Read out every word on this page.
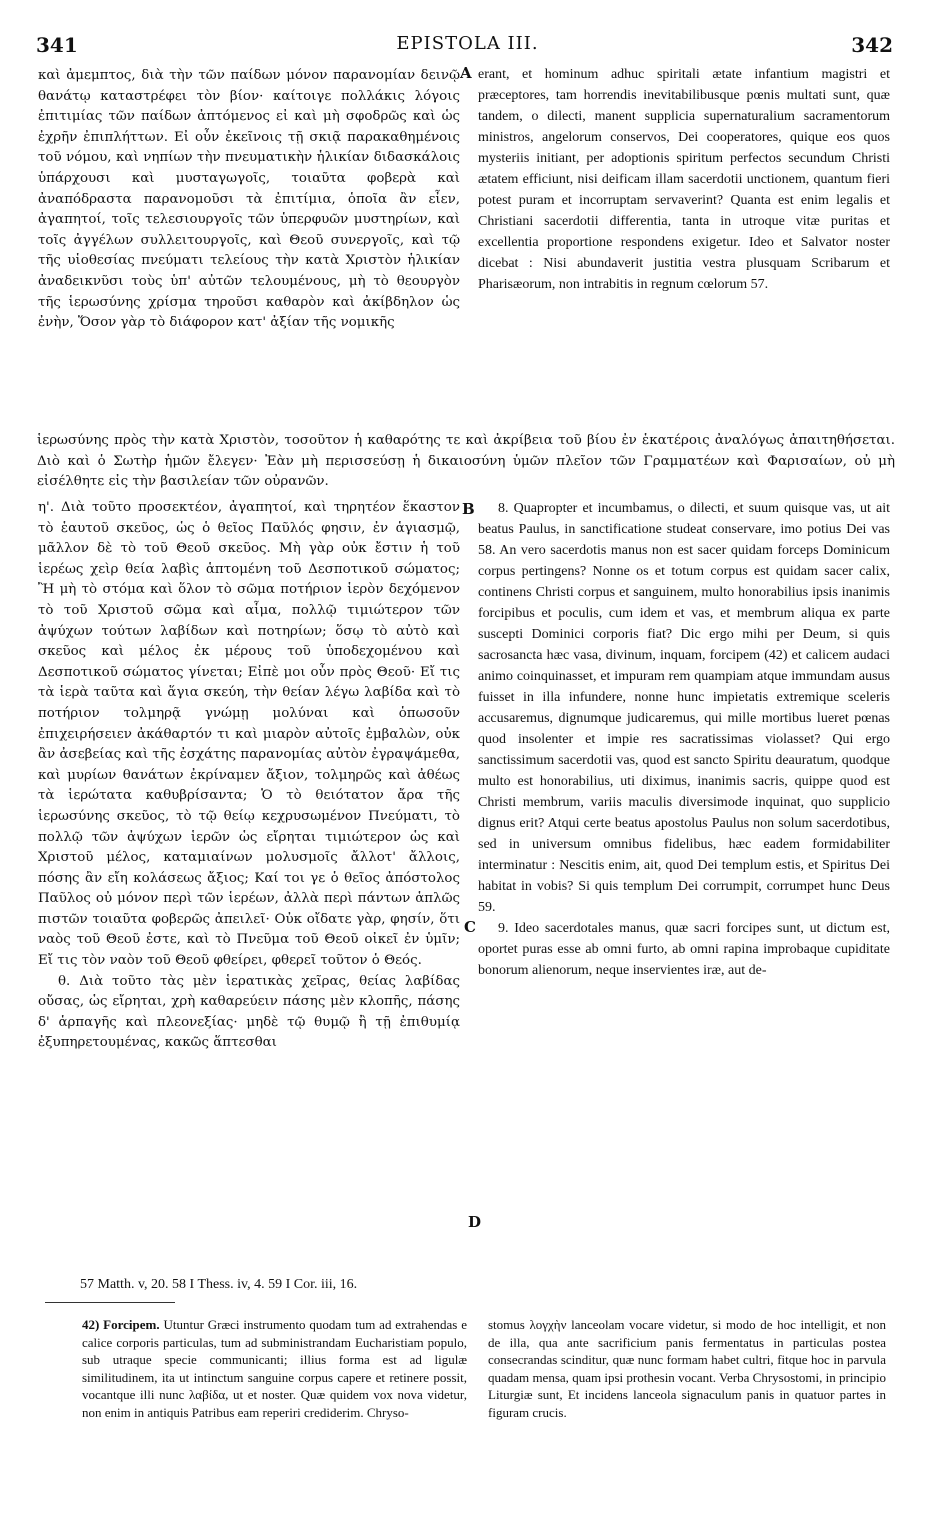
341	EPISTOLA III.	342

καὶ ἀμεμπτος, διὰ τὴν τῶν παίδων μόνον παρανομίαν δεινῷ θανάτῳ καταστρέφει τὸν βίον· καίτοιγε πολλάκις λόγοις ἐπιτιμίας τῶν παίδων ἀπτόμενος εἰ καὶ μὴ σφοδρῶς καὶ ὡς ἐχρῆν ἐπιπλήττων. Εἰ οὖν ἐκεῖνοις τῇ σκιᾷ παρακαθημένοις τοῦ νόμου, καὶ νηπίων τὴν πνευματικὴν ἡλικίαν διδασκάλοις ὑπάρχουσι καὶ μυσταγωγοῖς, τοιαῦτα φοβερὰ καὶ ἀναπόδραστα παρανομοῦσι τὰ ἐπιτίμια, ὁποῖα ἂν εἶεν, ἀγαπητοί, τοῖς τελεσιουργοῖς τῶν ὑπερφυῶν μυστηρίων, καὶ τοῖς ἀγγέλων συλλειτουργοῖς, καὶ Θεοῦ συνεργοῖς, καὶ τῷ τῆς υἱοθεσίας πνεύματι τελείους τὴν κατὰ Χριστὸν ἡλικίαν ἀναδεικνῦσι τοὺς ὑπ' αὐτῶν τελουμένους, μὴ τὸ θεουργὸν τῆς ἱερωσύνης χρίσμα τηροῦσι καθαρὸν καὶ ἀκίβδηλον ὡς ἐνὴν, Ὅσον γὰρ τὸ διάφορον κατ' ἀξίαν τῆς νομικῆς

erant, et hominum adhuc spiritali ætate infantium magistri et præceptores, tam horrendis inevitabilibusque pœnis multati sunt, quæ tandem, o dilecti, manent supplicia supernaturalium sacramentorum ministros, angelorum conservos, Dei cooperatores, quique eos quos mysteriis initiant, per adoptionis spiritum perfectos secundum Christi ætatem efficiunt, nisi deificam illam sacerdotii unctionem, quantum fieri potest puram et incorruptam servaverint? Quanta est enim legalis et Christiani sacerdotii differentia, tanta in utroque vitæ puritas et excellentia proportione respondens exigetur. Ideo et Salvator noster dicebat : Nisi abundaverit justitia vestra plusquam Scribarum et Pharisæorum, non intrabitis in regnum cœlorum 57.

A
ἱερωσύνης πρὸς τὴν κατὰ Χριστὸν, τοσοῦτον ἡ καθαρότης τε καὶ ἀκρίβεια τοῦ βίου ἐν ἑκατέροις ἀναλόγως ἀπαιτηθήσεται. Διὸ καὶ ὁ Σωτὴρ ἡμῶν ἔλεγεν· Ἐὰν μὴ περισσεύσῃ ἡ δικαιοσύνη ὑμῶν πλεῖον τῶν Γραμματέων καὶ Φαρισαίων, οὐ μὴ εἰσέλθητε εἰς τὴν βασιλείαν τῶν οὐρανῶν.

η'. Διὰ τοῦτο προσεκτέον, ἀγαπητοί, καὶ τηρητέον ἕκαστον τὸ ἑαυτοῦ σκεῦος, ὡς ὁ θεῖος Παῦλός φησιν, ἐν ἁγιασμῷ, μᾶλλον δὲ τὸ τοῦ Θεοῦ σκεῦος. Μὴ γὰρ οὐκ ἔστιν ἡ τοῦ ἱερέως χεὶρ θεία λαβὶς ἁπτομένη τοῦ Δεσποτικοῦ σώματος; Ἢ μὴ τὸ στόμα καὶ ὅλον τὸ σῶμα ποτήριον ἱερὸν δεχόμενον τὸ τοῦ Χριστοῦ σῶμα καὶ αἷμα, πολλῷ τιμιώτερον τῶν ἀψύχων τούτων λαβίδων καὶ ποτηρίων; ὅσῳ τὸ αὐτὸ καὶ σκεῦος καὶ μέλος ἐκ μέρους τοῦ ὑποδεχομένου καὶ Δεσποτικοῦ σώματος γίνεται; Εἰπὲ μοι οὖν πρὸς Θεοῦ· Εἴ τις τὰ ἱερὰ ταῦτα καὶ ἅγια σκεύη, τὴν θείαν λέγω λαβίδα καὶ τὸ ποτήριον τολμηρᾷ γνώμῃ μολύναι καὶ ὁπωσοῦν ἐπιχειρήσειεν ἀκάθαρτόν τι καὶ μιαρὸν αὐτοῖς ἐμβαλὼν, οὐκ ἂν ἀσεβείας καὶ τῆς ἐσχάτης παρανομίας αὐτὸν ἐγραψάμεθα, καὶ μυρίων θανάτων ἐκρίναμεν ἄξιον, τολμηρῶς καὶ ἀθέως τὰ ἱερώτατα καθυβρίσαντα; Ὁ τὸ θειότατον ἄρα τῆς ἱερωσύνης σκεῦος, τὸ τῷ θείῳ κεχρυσωμένον Πνεύματι, τὸ πολλῷ τῶν ἀψύχων ἱερῶν ὡς εἴρηται τιμιώτερον ὡς καὶ Χριστοῦ μέλος, καταμιαίνων μολυσμοῖς ἄλλοτ' ἄλλοις, πόσης ἂν εἴη κολάσεως ἄξιος; Καί τοι γε ὁ θεῖος ἀπόστολος Παῦλος οὐ μόνον περὶ τῶν ἱερέων, ἀλλὰ περὶ πάντων ἁπλῶς πιστῶν τοιαῦτα φοβερῶς ἀπειλεῖ· Οὐκ οἴδατε γὰρ, φησίν, ὅτι ναὸς τοῦ Θεοῦ ἐστε, καὶ τὸ Πνεῦμα τοῦ Θεοῦ οἰκεῖ ἐν ὑμῖν; Εἴ τις τὸν ναὸν τοῦ Θεοῦ φθείρει, φθερεῖ τοῦτον ὁ Θεός.

θ. Διὰ τοῦτο τὰς μὲν ἱερατικὰς χεῖρας, θείας λαβίδας οὔσας, ὡς εἴρηται, χρὴ καθαρεύειν πάσης μὲν κλοπῆς, πάσης δ' ἁρπαγῆς καὶ πλεονεξίας· μηδὲ τῷ θυμῷ ἢ τῇ ἐπιθυμίᾳ ἐξυπηρετουμένας, κακῶς ἅπτεσθαι

8. Quapropter et incumbamus, o dilecti, et suum quisque vas, ut ait beatus Paulus, in sanctificatione studeat conservare, imo potius Dei vas 58. An vero sacerdotis manus non est sacer quidam forceps Dominicum corpus pertingens? Nonne os et totum corpus est quidam sacer calix, continens Christi corpus et sanguinem, multo honorabilius ipsis inanimis forcipibus et poculis, cum idem et vas, et membrum aliqua ex parte suscepti Dominici corporis fiat? Dic ergo mihi per Deum, si quis sacrosancta hæc vasa, divinum, inquam, forcipem (42) et calicem audaci animo coinquinasset, et impuram rem quampiam atque immundam ausus fuisset in illa infundere, nonne hunc impietatis extremique sceleris accusaremus, dignumque judicaremus, qui mille mortibus lueret pœnas quod insolenter et impie res sacratissimas violasset? Qui ergo sanctissimum sacerdotii vas, quod est sancto Spiritu deauratum, quodque multo est honorabilius, uti diximus, inanimis sacris, quippe quod est Christi membrum, variis maculis diversimode inquinat, quo supplicio dignus erit? Atqui certe beatus apostolus Paulus non solum sacerdotibus, sed in universum omnibus fidelibus, hæc eadem formidabiliter interminatur : Nescitis enim, ait, quod Dei templum estis, et Spiritus Dei habitat in vobis? Si quis templum Dei corrumpit, corrumpet hunc Deus 59.

9. Ideo sacerdotales manus, quæ sacri forcipes sunt, ut dictum est, oportet puras esse ab omni furto, ab omni rapina improbaque cupiditate bonorum alienorum, neque inservientes iræ, aut de-

B
C
D
57 Matth. v, 20. 58 I Thess. iv, 4. 59 I Cor. iii, 16.
42) Forcipem. Utuntur Græci instrumento quodam tum ad extrahendas e calice corporis particulas, tum ad subministrandam Eucharistiam populo, sub utraque specie communicanti; illius forma est ad ligulæ similitudinem, ita ut intinctum sanguine corpus capere et retinere possit, vocantque illi nunc λαβίδα, ut et noster. Quæ quidem vox nova videtur, non enim in antiquis Patribus eam reperiri crediderim. Chryso-
stomus λογχὴν lanceolam vocare videtur, si modo de hoc intelligit, et non de illa, qua ante sacrificium panis fermentatus in particulas postea consecrandas scinditur, quæ nunc formam habet cultri, fitque hoc in parvula quadam mensa, quam ipsi prothesin vocant. Verba Chrysostomi, in principio Liturgiæ sunt, Et incidens lanceola signaculum panis in quatuor partes in figuram crucis.
